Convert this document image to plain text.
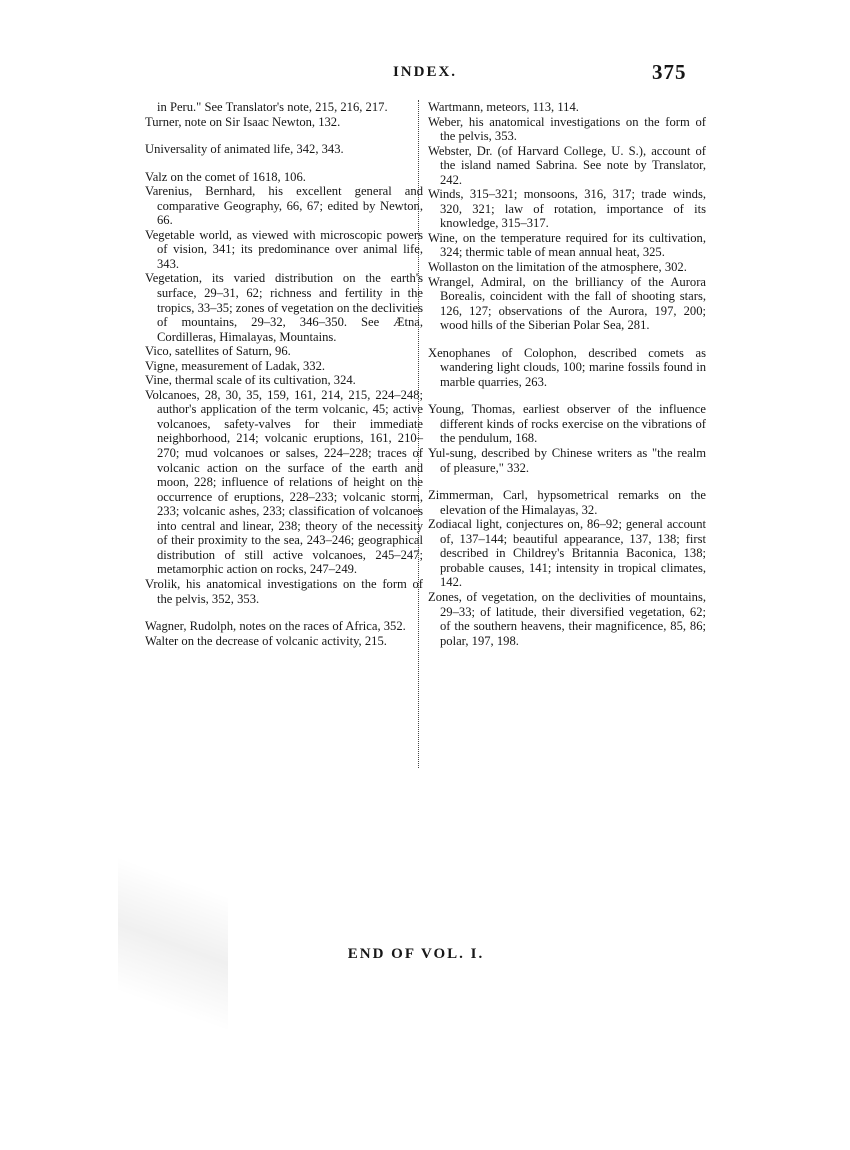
INDEX.	375
in Peru." See Translator's note, 215, 216, 217.
Turner, note on Sir Isaac Newton, 132.
Universality of animated life, 342, 343.
Valz on the comet of 1618, 106.
Varenius, Bernhard, his excellent general and comparative Geography, 66, 67; edited by Newton, 66.
Vegetable world, as viewed with microscopic powers of vision, 341; its predominance over animal life, 343.
Vegetation, its varied distribution on the earth's surface, 29–31, 62; richness and fertility in the tropics, 33–35; zones of vegetation on the declivities of mountains, 29–32, 346–350. See Ætna, Cordilleras, Himalayas, Mountains.
Vico, satellites of Saturn, 96.
Vigne, measurement of Ladak, 332.
Vine, thermal scale of its cultivation, 324.
Volcanoes, 28, 30, 35, 159, 161, 214, 215, 224–248; author's application of the term volcanic, 45; active volcanoes, safety-valves for their immediate neighborhood, 214; volcanic eruptions, 161, 210–270; mud volcanoes or salses, 224–228; traces of volcanic action on the surface of the earth and moon, 228; influence of relations of height on the occurrence of eruptions, 228–233; volcanic storm, 233; volcanic ashes, 233; classification of volcanoes into central and linear, 238; theory of the necessity of their proximity to the sea, 243–246; geographical distribution of still active volcanoes, 245–247; metamorphic action on rocks, 247–249.
Vrolik, his anatomical investigations on the form of the pelvis, 352, 353.
Wagner, Rudolph, notes on the races of Africa, 352.
Walter on the decrease of volcanic activity, 215.
Wartmann, meteors, 113, 114.
Weber, his anatomical investigations on the form of the pelvis, 353.
Webster, Dr. (of Harvard College, U. S.), account of the island named Sabrina. See note by Translator, 242.
Winds, 315–321; monsoons, 316, 317; trade winds, 320, 321; law of rotation, importance of its knowledge, 315–317.
Wine, on the temperature required for its cultivation, 324; thermic table of mean annual heat, 325.
Wollaston on the limitation of the atmosphere, 302.
Wrangel, Admiral, on the brilliancy of the Aurora Borealis, coincident with the fall of shooting stars, 126, 127; observations of the Aurora, 197, 200; wood hills of the Siberian Polar Sea, 281.
Xenophanes of Colophon, described comets as wandering light clouds, 100; marine fossils found in marble quarries, 263.
Young, Thomas, earliest observer of the influence different kinds of rocks exercise on the vibrations of the pendulum, 168.
Yul-sung, described by Chinese writers as "the realm of pleasure," 332.
Zimmerman, Carl, hypsometrical remarks on the elevation of the Himalayas, 32.
Zodiacal light, conjectures on, 86–92; general account of, 137–144; beautiful appearance, 137, 138; first described in Childrey's Britannia Baconica, 138; probable causes, 141; intensity in tropical climates, 142.
Zones, of vegetation, on the declivities of mountains, 29–33; of latitude, their diversified vegetation, 62; of the southern heavens, their magnificence, 85, 86; polar, 197, 198.
END OF VOL. I.
